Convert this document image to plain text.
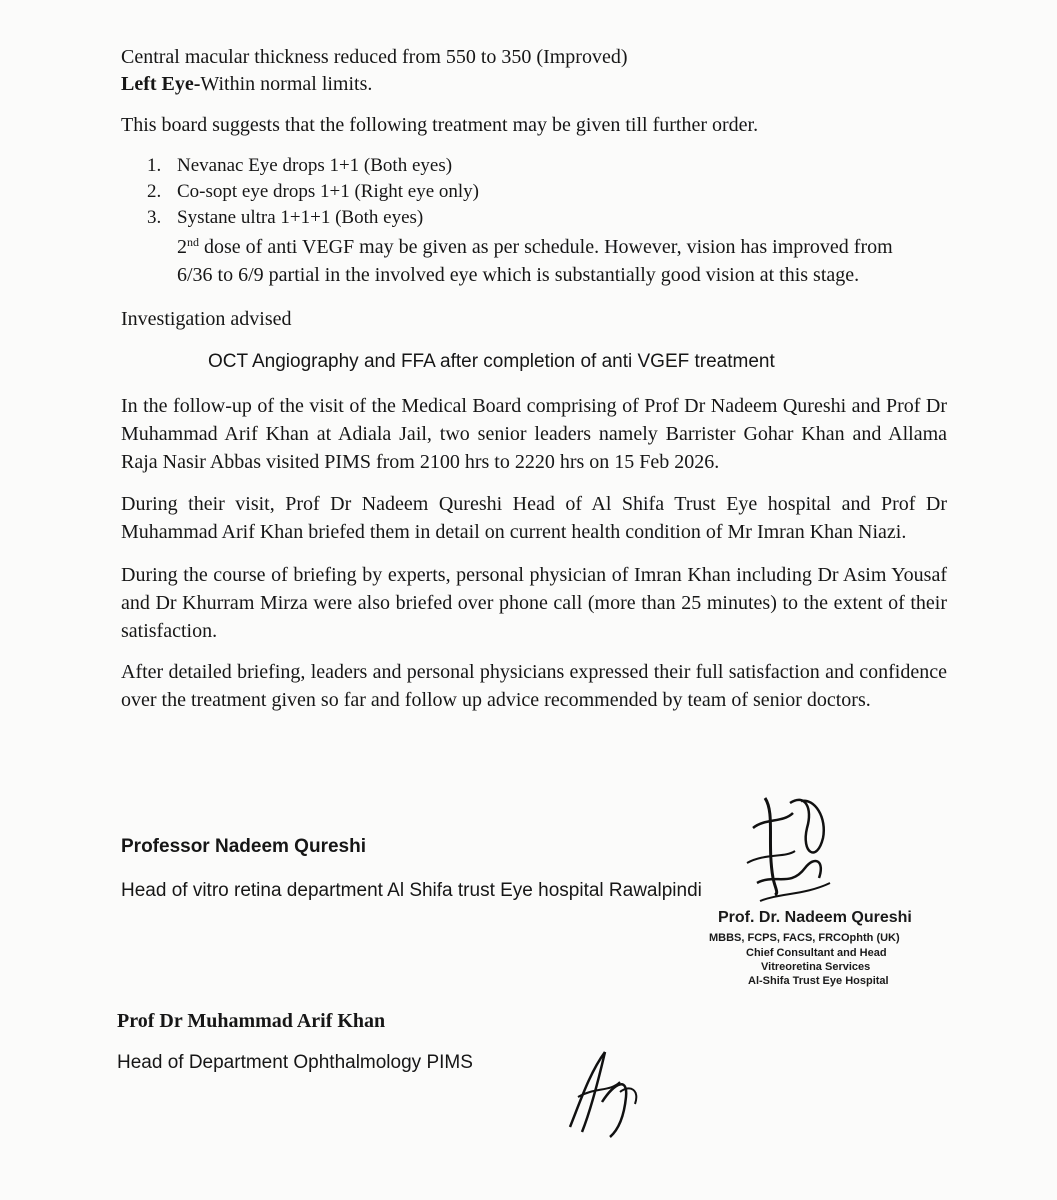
Central macular thickness reduced from 550 to 350 (Improved)
Left Eye-Within normal limits.
This board suggests that the following treatment may be given till further order.
1. Nevanac Eye drops 1+1 (Both eyes)
2. Co-sopt eye drops 1+1 (Right eye only)
3. Systane ultra 1+1+1 (Both eyes)
2nd dose of anti VEGF may be given as per schedule. However, vision has improved from
6/36 to 6/9 partial in the involved eye which is substantially good vision at this stage.
Investigation advised
OCT Angiography and FFA after completion of anti VGEF treatment

In the follow-up of the visit of the Medical Board comprising of Prof Dr Nadeem Qureshi and Prof Dr Muhammad Arif Khan at Adiala Jail, two senior leaders namely Barrister Gohar Khan and Allama Raja Nasir Abbas visited PIMS from 2100 hrs to 2220 hrs on 15 Feb 2026.

During their visit, Prof Dr Nadeem Qureshi Head of Al Shifa Trust Eye hospital and Prof Dr Muhammad Arif Khan briefed them in detail on current health condition of Mr Imran Khan Niazi.

During the course of briefing by experts, personal physician of Imran Khan including Dr Asim Yousaf and Dr Khurram Mirza were also briefed over phone call (more than 25 minutes) to the extent of their satisfaction.

After detailed briefing, leaders and personal physicians expressed their full satisfaction and confidence over the treatment given so far and follow up advice recommended by team of senior doctors.

Professor Nadeem Qureshi
Head of vitro retina department Al Shifa trust Eye hospital Rawalpindi
Prof. Dr. Nadeem Qureshi
MBBS, FCPS, FACS, FRCOphth (UK)
Chief Consultant and Head
Vitreoretina Services
Al-Shifa Trust Eye Hospital
Prof Dr Muhammad Arif Khan
Head of Department Ophthalmology PIMS
